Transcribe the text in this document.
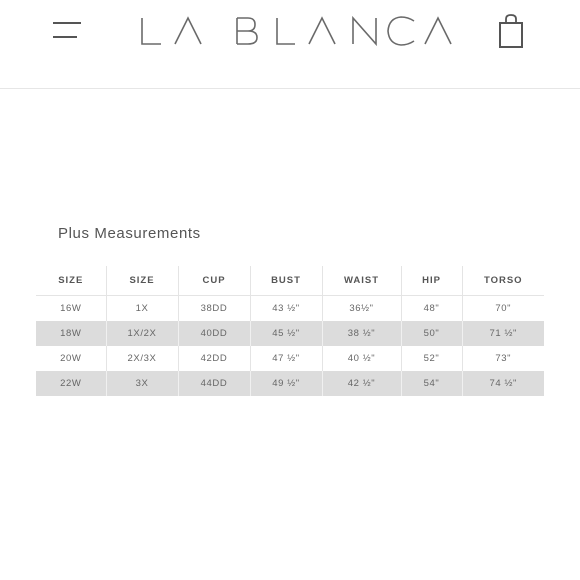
Plus Measurements
SIZE	SIZE	CUP	BUST	WAIST	HIP	TORSO
16W	1X	38DD	43 ½"	36½"	48"	70"
18W	1X/2X	40DD	45 ½"	38 ½"	50"	71 ½"
20W	2X/3X	42DD	47 ½"	40 ½"	52"	73"
22W	3X	44DD	49 ½"	42 ½"	54"	74 ½"
